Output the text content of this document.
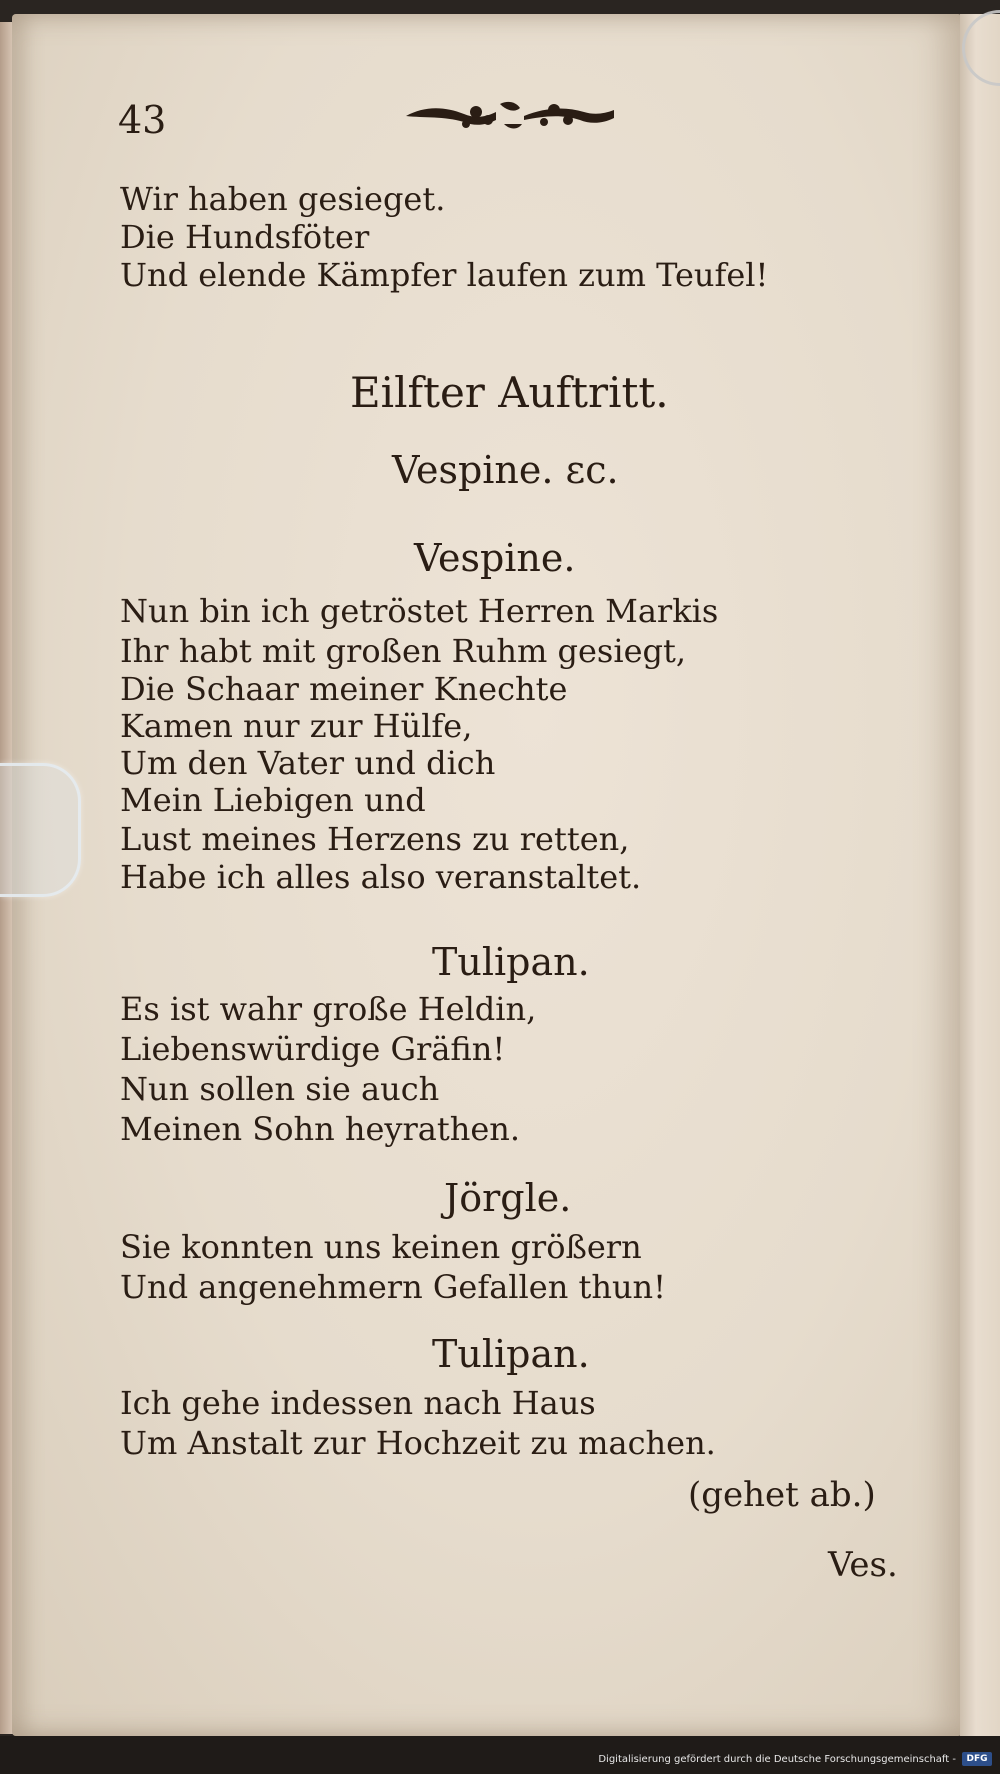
43
Wir haben gesieget.
Die Hundsföter
Und elende Kämpfer laufen zum Teufel!
Eilfter Auftritt.
Vespine. ɛc.
Vespine.
Nun bin ich getröstet Herren Markis
Ihr habt mit großen Ruhm gesiegt,
Die Schaar meiner Knechte
Kamen nur zur Hülfe,
Um den Vater und dich
Mein Liebigen und
Lust meines Herzens zu retten,
Habe ich alles also veranstaltet.
Tulipan.
Es ist wahr große Heldin,
Liebenswürdige Gräfin!
Nun sollen sie auch
Meinen Sohn heyrathen.
Jörgle.
Sie konnten uns keinen größern
Und angenehmern Gefallen thun!
Tulipan.
Ich gehe indessen nach Haus
Um Anstalt zur Hochzeit zu machen.
(gehet ab.)
Ves.
Digitalisierung gefördert durch die Deutsche Forschungsgemeinschaft -	DFG
